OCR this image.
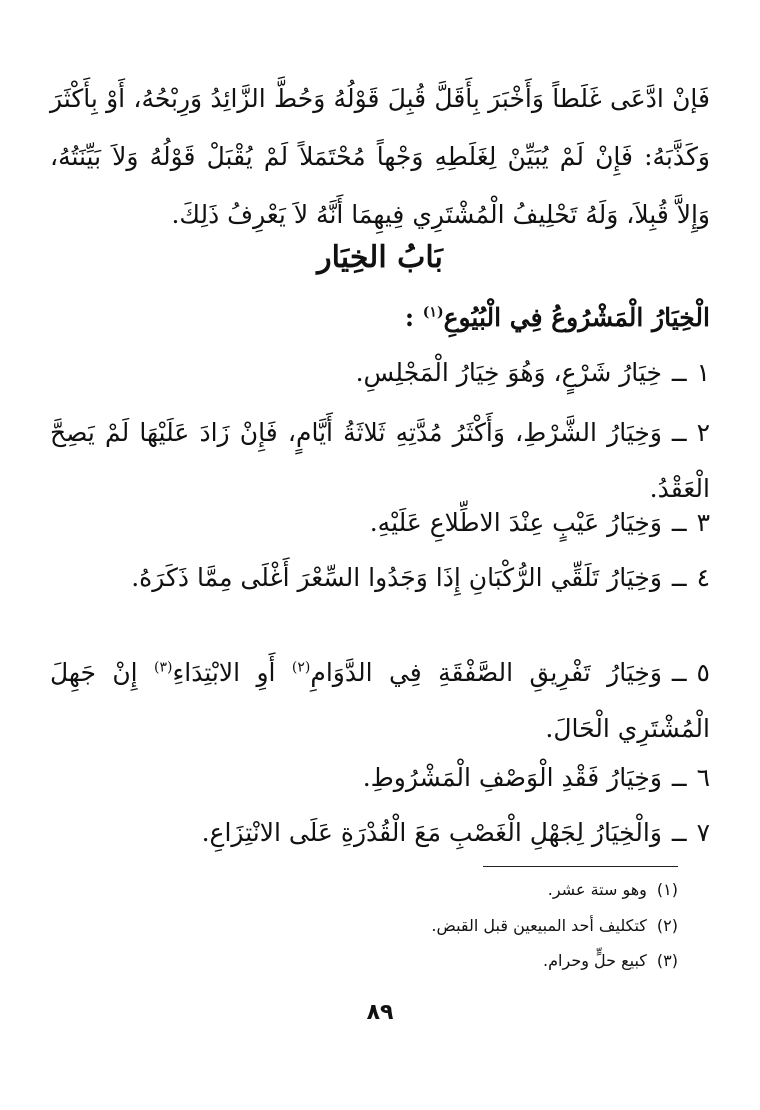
فَإنْ ادَّعَى غَلَطاً وَأَخْبَرَ بِأَقَلَّ قُبِلَ قَوْلُهُ وَحُطَّ الزَّائِدُ وَرِبْحُهُ، أَوْ بِأَكْثَرَ وَكَذَّبَهُ: فَإِنْ لَمْ يُبَيِّنْ لِغَلَطِهِ وَجْهاً مُحْتَمَلاً لَمْ يُقْبَلْ قَوْلُهُ وَلاَ بَيِّنَتُهُ، وَإِلاَّ قُبِلاَ، وَلَهُ تَحْلِيفُ الْمُشْتَرِي فِيهِمَا أَنَّهُ لاَ يَعْرِفُ ذَلِكَ.

بَابُ الخِيَار

الْخِيَارُ الْمَشْرُوعُ فِي الْبُيُوعِ$^{(١)}$ :

١ــخِيَارُ شَرْعٍ، وَهُوَ خِيَارُ الْمَجْلِسِ.

٢ــوَخِيَارُ الشَّرْطِ، وَأَكْثَرُ مُدَّتِهِ ثَلاثَةُ أَيَّامٍ، فَإِنْ زَادَ عَلَيْهَا لَمْ يَصِحَّ الْعَقْدُ.

٣ــوَخِيَارُ عَيْبٍ عِنْدَ الاطِّلاعِ عَلَيْهِ.

٤ــوَخِيَارُ تَلَقِّي الرُّكْبَانِ إِذَا وَجَدُوا السِّعْرَ أَغْلَى مِمَّا ذَكَرَهُ.

٥ــوَخِيَارُ تَفْرِيقِ الصَّفْقَةِ فِي الدَّوَامِ$^{(٢)}$ أَوِ الابْتِدَاءِ$^{(٣)}$ إِنْ جَهِلَ الْمُشْتَرِي الْحَالَ.

٦ــوَخِيَارُ فَقْدِ الْوَصْفِ الْمَشْرُوطِ.

٧ــوَالْخِيَارُ لِجَهْلِ الْغَصْبِ مَعَ الْقُدْرَةِ عَلَى الانْتِزَاعِ.

(١)وهو ستة عشر.

(٢)كتكليف أحد المبيعين قبل القبض.

(٣)كبيع حلٍّ وحرام.

٨٩
